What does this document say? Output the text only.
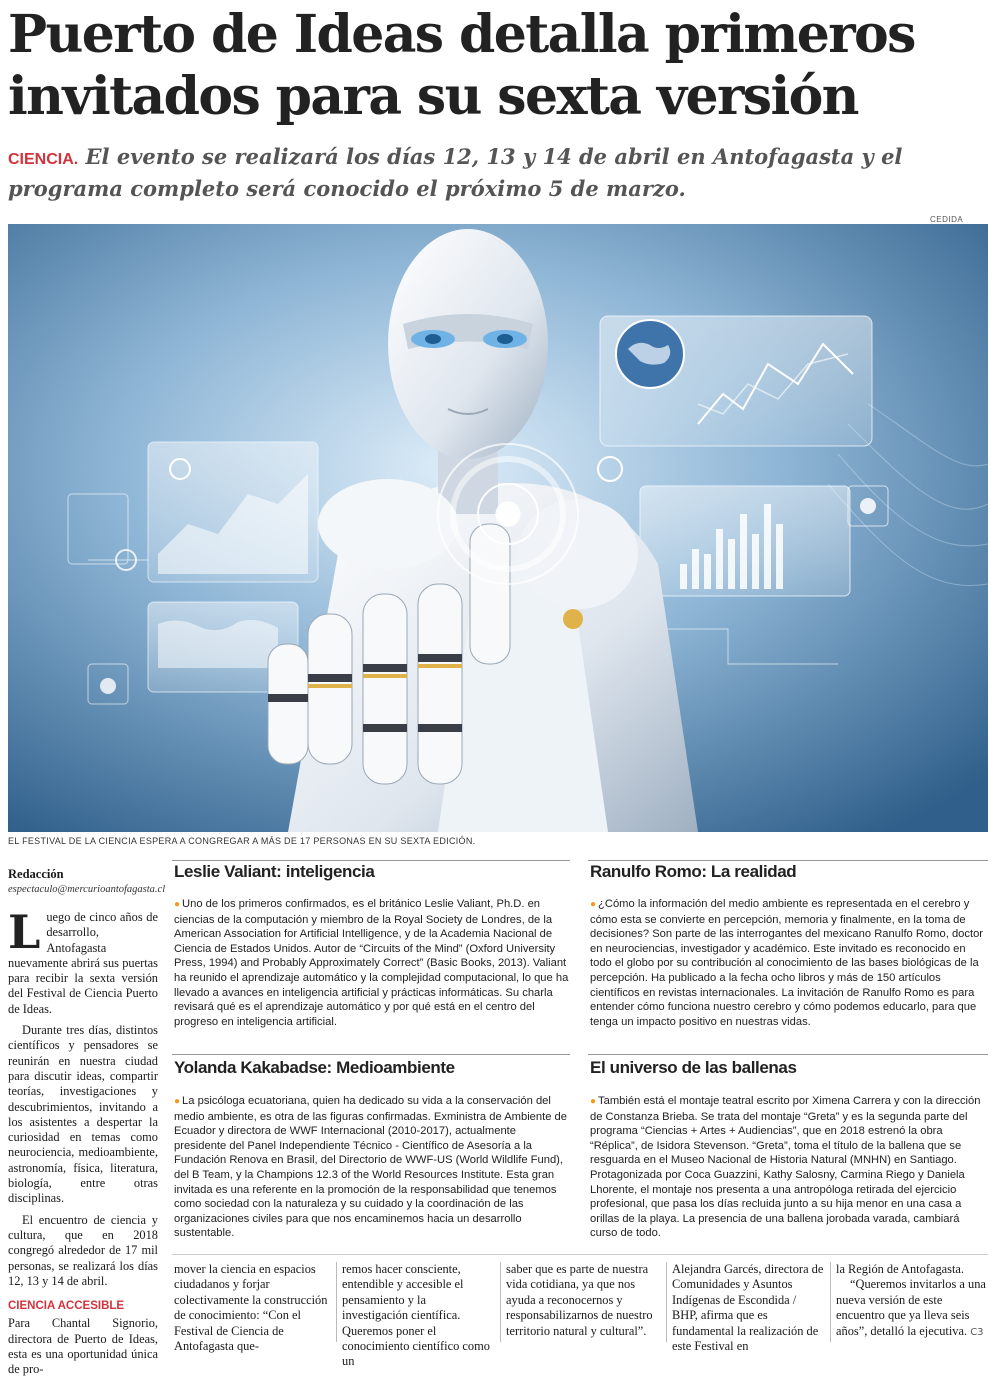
Puerto de Ideas detalla primeros invitados para su sexta versión

CIENCIA. El evento se realizará los días 12, 13 y 14 de abril en Antofagasta y el programa completo será conocido el próximo 5 de marzo.

CEDIDA
EL FESTIVAL DE LA CIENCIA ESPERA A CONGREGAR A MÁS DE 17 PERSONAS EN SU SEXTA EDICIÓN.
Redacción
espectaculo@mercurioantofagasta.cl

Luego de cinco años de desarrollo, Antofagasta nuevamente abrirá sus puertas para recibir la sexta versión del Festival de Ciencia Puerto de Ideas.

Durante tres días, distintos científicos y pensadores se reunirán en nuestra ciudad para discutir ideas, compartir teorías, investigaciones y descubrimientos, invitando a los asistentes a despertar la curiosidad en temas como neurociencia, medioambiente, astronomía, física, literatura, biología, entre otras disciplinas.

El encuentro de ciencia y cultura, que en 2018 congregó alrededor de 17 mil personas, se realizará los días 12, 13 y 14 de abril.

CIENCIA ACCESIBLE

Para Chantal Signorio, directora de Puerto de Ideas, esta es una oportunidad única de pro-

Leslie Valiant: inteligencia

● Uno de los primeros confirmados, es el británico Leslie Valiant, Ph.D. en ciencias de la computación y miembro de la Royal Society de Londres, de la American Association for Artificial Intelligence, y de la Academia Nacional de Ciencia de Estados Unidos. Autor de “Circuits of the Mind” (Oxford University Press, 1994) and Probably Approximately Correct” (Basic Books, 2013). Valiant ha reunido el aprendizaje automático y la complejidad computacional, lo que ha llevado a avances en inteligencia artificial y prácticas informáticas. Su charla revisará qué es el aprendizaje automático y por qué está en el centro del progreso en inteligencia artificial.

Ranulfo Romo: La realidad

● ¿Cómo la información del medio ambiente es representada en el cerebro y cómo esta se convierte en percepción, memoria y finalmente, en la toma de decisiones? Son parte de las interrogantes del mexicano Ranulfo Romo, doctor en neurociencias, investigador y académico. Este invitado es reconocido en todo el globo por su contribución al conocimiento de las bases biológicas de la percepción. Ha publicado a la fecha ocho libros y más de 150 artículos científicos en revistas internacionales. La invitación de Ranulfo Romo es para entender cómo funciona nuestro cerebro y cómo podemos educarlo, para que tenga un impacto positivo en nuestras vidas.

Yolanda Kakabadse: Medioambiente

● La psicóloga ecuatoriana, quien ha dedicado su vida a la conservación del medio ambiente, es otra de las figuras confirmadas. Exministra de Ambiente de Ecuador y directora de WWF Internacional (2010-2017), actualmente presidente del Panel Independiente Técnico - Científico de Asesoría a la Fundación Renova en Brasil, del Directorio de WWF-US (World Wildlife Fund), del B Team, y la Champions 12.3 of the World Resources Institute. Esta gran invitada es una referente en la promoción de la responsabilidad que tenemos como sociedad con la naturaleza y su cuidado y la coordinación de las organizaciones civiles para que nos encaminemos hacia un desarrollo sustentable.

El universo de las ballenas

● También está el montaje teatral escrito por Ximena Carrera y con la dirección de Constanza Brieba. Se trata del montaje “Greta” y es la segunda parte del programa “Ciencias + Artes + Audiencias”, que en 2018 estrenó la obra “Réplica”, de Isidora Stevenson. “Greta”, toma el título de la ballena que se resguarda en el Museo Nacional de Historia Natural (MNHN) en Santiago. Protagonizada por Coca Guazzini, Kathy Salosny, Carmina Riego y Daniela Lhorente, el montaje nos presenta a una antropóloga retirada del ejercicio profesional, que pasa los días recluida junto a su hija menor en una casa a orillas de la playa. La presencia de una ballena jorobada varada, cambiará curso de todo.

mover la ciencia en espacios ciudadanos y forjar colectivamente la construcción de conocimiento: “Con el Festival de Ciencia de Antofagasta que-
remos hacer consciente, entendible y accesible el pensamiento y la investigación científica. Queremos poner el conocimiento científico como un
saber que es parte de nuestra vida cotidiana, ya que nos ayuda a reconocernos y responsabilizarnos de nuestro territorio natural y cultural”.
Alejandra Garcés, directora de Comunidades y Asuntos Indígenas de Escondida / BHP, afirma que es fundamental la realización de este Festival en
la Región de Antofagasta.
“Queremos invitarlos a una nueva versión de este encuentro que ya lleva seis años”, detalló la ejecutiva. C3
